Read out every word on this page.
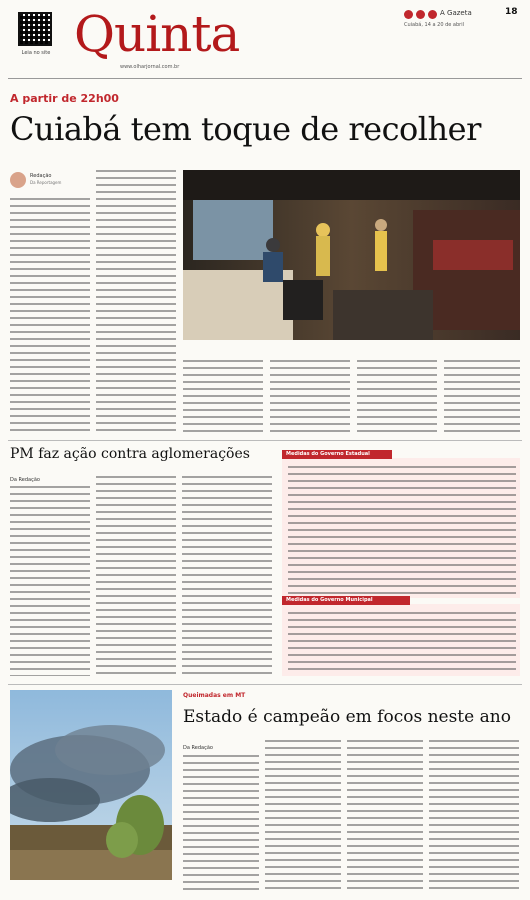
Leia no site Quinta
www.olharjornal.com.br
A Gazeta	18
Cuiabá, 14 a 20 de abril
A partir de 22h00
Cuiabá tem toque de recolher
Redação
Da Reportagem
PM faz ação contra aglomerações
Da Redação
Medidas do Governo Estadual
Medidas do Governo Municipal
Queimadas em MT
Estado é campeão em focos neste ano
Da Redação
